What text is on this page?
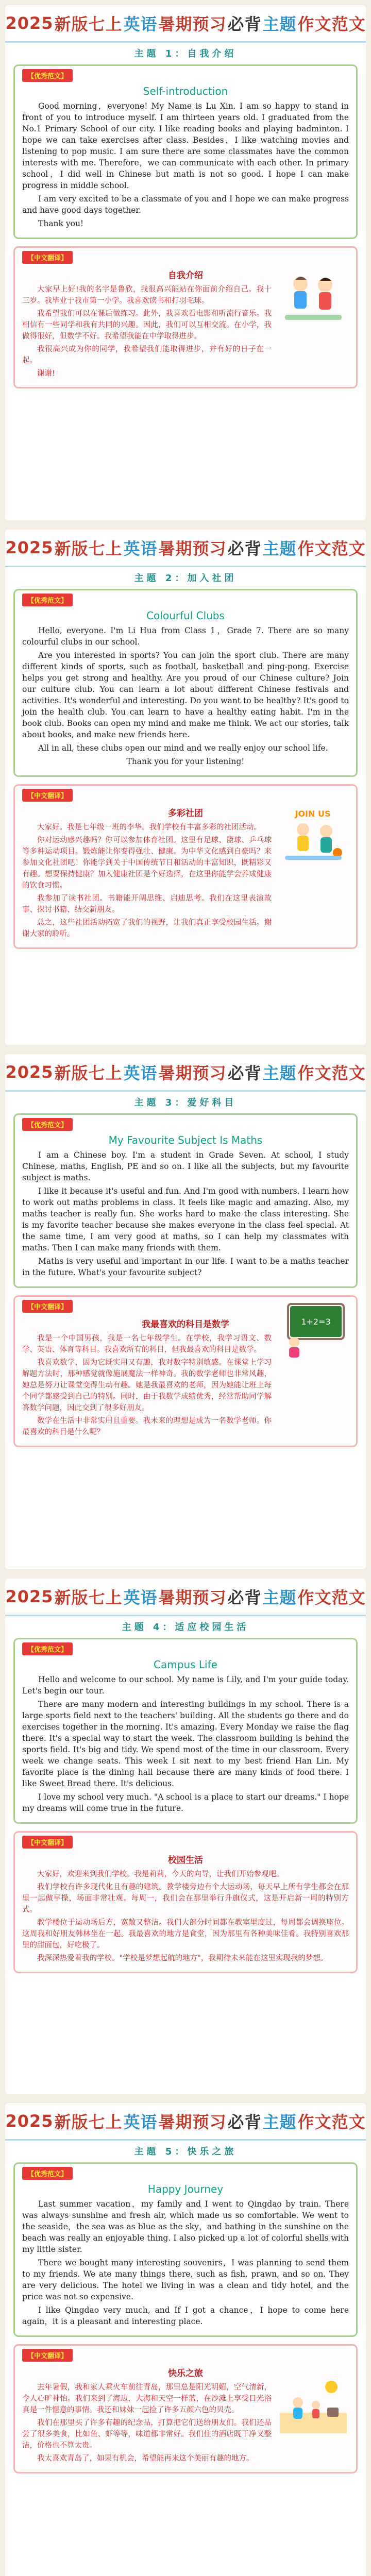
2025 新版七上 英语 暑期预习 必背 主题 作文范文
主题 1：自我介绍
【优秀范文】
Self-introduction

Good morning，everyone! My Name is Lu Xin. I am so happy to stand in front of you to introduce myself. I am thirteen years old. I graduated from the No.1 Primary School of our city. I like reading books and playing badminton. I hope we can take exercises after class. Besides，I like watching movies and listening to pop music. I am sure there are some classmates have the common interests with me. Therefore，we can communicate with each other. In primary school，I did well in Chinese but math is not so good. I hope I can make progress in middle school.

I am very excited to be a classmate of you and I hope we can make progress and have good days together.

Thank you!

【中文翻译】
自我介绍

大家早上好!我的名字是鲁欣，我很高兴能站在你面前介绍自己。我十三岁。我毕业于我市第一小学。我喜欢读书和打羽毛球。

我希望我们可以在课后做练习。此外，我喜欢看电影和听流行音乐。我相信有一些同学和我有共同的兴趣。因此，我们可以互相交流。在小学，我做得很好，但数学不好。我希望我能在中学取得进步。

我很高兴成为你的同学，我希望我们能取得进步，并有好的日子在一起。

谢谢!

2025 新版七上 英语 暑期预习 必背 主题 作文范文
主题 2：加入社团
【优秀范文】
Colourful Clubs

Hello, everyone. I'm Li Hua from Class 1，Grade 7. There are so many colourful clubs in our school.

Are you interested in sports? You can join the sport club. There are many different kinds of sports, such as football, basketball and ping-pong. Exercise helps you get strong and healthy. Are you proud of our Chinese culture? Join our culture club. You can learn a lot about different Chinese festivals and activities. It's wonderful and interesting. Do you want to be healthy? It's good to join the health club. You can learn to have a healthy eating habit. I'm in the book club. Books can open my mind and make me think. We act our stories, talk about books, and make new friends here.

All in all, these clubs open our mind and we really enjoy our school life.

Thank you for your listening!

【中文翻译】
多彩社团

大家好。我是七年级一班的李华。我们学校有丰富多彩的社团活动。

你对运动感兴趣吗？你可以参加体育社团。这里有足球、篮球、乒乓球等多种运动项目。锻炼能让你变得强壮、健康。为中华文化感到自豪吗？来参加文化社团吧！你能学到关于中国传统节日和活动的丰富知识，既精彩又有趣。想要保持健康？加入健康社团是个好选择，在这里你能学会养成健康的饮食习惯。

我参加了读书社团。书籍能开阔思维、启迪思考。我们在这里表演故事、探讨书籍、结交新朋友。

总之，这些社团活动拓宽了我们的视野，让我们真正享受校园生活。谢谢大家的聆听。

JOIN US
2025 新版七上 英语 暑期预习 必背 主题 作文范文
主题 3：爱好科目
【优秀范文】
My Favourite Subject Is Maths

I am a Chinese boy. I'm a student in Grade Seven. At school, I study Chinese, maths, English, PE and so on. I like all the subjects, but my favourite subject is maths.

I like it because it's useful and fun. And I'm good with numbers. I learn how to work out maths problems in class. It feels like magic and amazing. Also, my maths teacher is really fun. She works hard to make the class interesting. She is my favorite teacher because she makes everyone in the class feel special. At the same time, I am very good at maths, so I can help my classmates with maths. Then I can make many friends with them.

Maths is very useful and important in our life. I want to be a maths teacher in the future. What's your favourite subject?

【中文翻译】
我最喜欢的科目是数学

我是一个中国男孩，我是一名七年级学生。在学校，我学习语文、数学、英语、体育等科目。我喜欢所有的科目，但我最喜欢的科目是数学。

我喜欢数学，因为它既实用又有趣，我对数字特别敏感。在课堂上学习解题方法时，那种感觉就像施展魔法一样神奇。我的数学老师也非常风趣，她总是努力让课堂变得生动有趣。她是我最喜欢的老师，因为她能让班上每个同学都感受到自己的特别。同时，由于我数学成绩优秀，经常帮助同学解答数学问题，因此交到了很多好朋友。

数学在生活中非常实用且重要。我未来的理想是成为一名数学老师。你最喜欢的科目是什么呢？

1+2=3
2025 新版七上 英语 暑期预习 必背 主题 作文范文
主题 4：适应校园生活
【优秀范文】
Campus Life

Hello and welcome to our school. My name is Lily, and I'm your guide today. Let's begin our tour.

There are many modern and interesting buildings in my school. There is a large sports field next to the teachers' building. All the students go there and do exercises together in the morning. It's amazing. Every Monday we raise the flag there. It's a special way to start the week. The classroom building is behind the sports field. It's big and tidy. We spend most of the time in our classroom. Every week we change seats. This week I sit next to my best friend Han Lin. My favorite place is the dining hall because there are many kinds of food there. I like Sweet Bread there. It's delicious.

I love my school very much. "A school is a place to start our dreams." I hope my dreams will come true in the future.

【中文翻译】
校园生活

大家好，欢迎来到我们学校。我是莉莉，今天的向导，让我们开始参观吧。

我们学校有许多现代化且有趣的建筑。教学楼旁边有个大运动场，每天早上所有学生都会在那里一起做早操，场面非常壮观。每周一，我们会在那里举行升旗仪式，这是开启新一周的特别方式。

教学楼位于运动场后方，宽敞又整洁。我们大部分时间都在教室里度过，每周都会调换座位。这周我和好朋友韩林坐在一起。我最喜欢的地方是食堂，因为那里有各种美味佳肴。我特别喜欢那里的甜面包，好吃极了。

我深深热爱着我的学校。"学校是梦想起航的地方"，我期待未来能在这里实现我的梦想。

2025 新版七上 英语 暑期预习 必背 主题 作文范文
主题 5：快乐之旅
【优秀范文】
Happy Journey

Last summer vacation，my family and I went to Qingdao by train. There was always sunshine and fresh air, which made us so comfortable. We went to the seaside，the sea was as blue as the sky，and bathing in the sunshine on the beach was really an enjoyable thing. I also picked up a lot of colorful shells with my little sister.

There we bought many interesting souvenirs，I was planning to send them to my friends. We ate many things there, such as fish, prawn, and so on. They are very delicious. The hotel we living in was a clean and tidy hotel, and the price was not so expensive.

I like Qingdao very much, and If I got a chance，I hope to come here again，it is a pleasant and interesting place.

【中文翻译】
快乐之旅

去年暑假，我和家人乘火车前往青岛，那里总是阳光明媚，空气清新，令人心旷神怡。我们来到了海边，大海和天空一样蓝，在沙滩上享受日光浴真是一件惬意的事情。我还和妹妹一起捡了许多五颜六色的贝壳。

我们在那里买了许多有趣的纪念品，打算把它们送给朋友们。我们还品尝了很多美食，比如鱼、虾等等，味道都非常好。我们住的酒店既干净又整洁，价格也不算太贵。

我太喜欢青岛了，如果有机会，希望能再来这个美丽有趣的地方。
